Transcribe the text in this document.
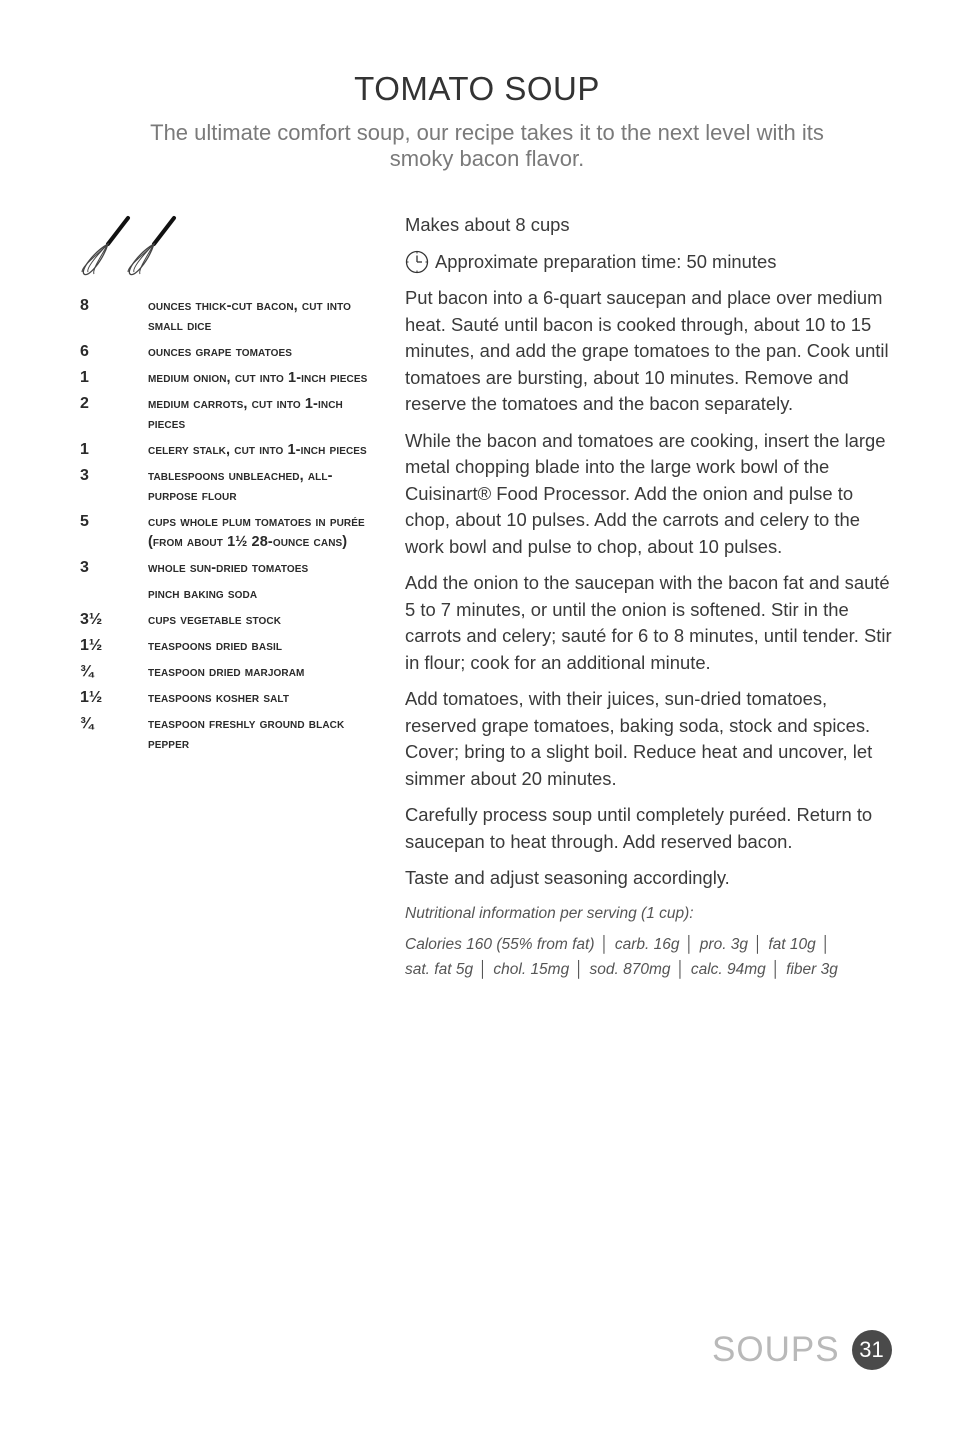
TOMATO SOUP
The ultimate comfort soup, our recipe takes it to the next level with its smoky bacon flavor.
8	ounces thick-cut bacon, cut into small dice
6	ounces grape tomatoes
1	medium onion, cut into 1-inch pieces
2	medium carrots, cut into 1-inch pieces
1	celery stalk, cut into 1-inch pieces
3	tablespoons unbleached, all-purpose flour
5	cups whole plum tomatoes in purée (from about 1½ 28-ounce cans)
3	whole sun-dried tomatoes
pinch baking soda
3½	cups vegetable stock
1½	teaspoons dried basil
¾	teaspoon dried marjoram
1½	teaspoons kosher salt
¾	teaspoon freshly ground black pepper

Makes about 8 cups

Approximate preparation time: 50 minutes

Put bacon into a 6-quart saucepan and place over medium heat. Sauté until bacon is cooked through, about 10 to 15 minutes, and add the grape tomatoes to the pan. Cook until tomatoes are bursting, about 10 minutes. Remove and reserve the tomatoes and the bacon separately.

While the bacon and tomatoes are cooking, insert the large metal chopping blade into the large work bowl of the Cuisinart® Food Processor. Add the onion and pulse to chop, about 10 pulses. Add the carrots and celery to the work bowl and pulse to chop, about 10 pulses.

Add the onion to the saucepan with the bacon fat and sauté 5 to 7 minutes, or until the onion is softened. Stir in the carrots and celery; sauté for 6 to 8 minutes, until tender. Stir in flour; cook for an additional minute.

Add tomatoes, with their juices, sun-dried tomatoes, reserved grape tomatoes, baking soda, stock and spices. Cover; bring to a slight boil. Reduce heat and uncover, let simmer about 20 minutes.

Carefully process soup until completely puréed. Return to saucepan to heat through. Add reserved bacon.

Taste and adjust seasoning accordingly.

Nutritional information per serving (1 cup):
Calories 160 (55% from fat) │ carb. 16g │ pro. 3g │ fat 10g │
sat. fat 5g │ chol. 15mg │ sod. 870mg │ calc. 94mg │ fiber 3g
SOUPS 31
